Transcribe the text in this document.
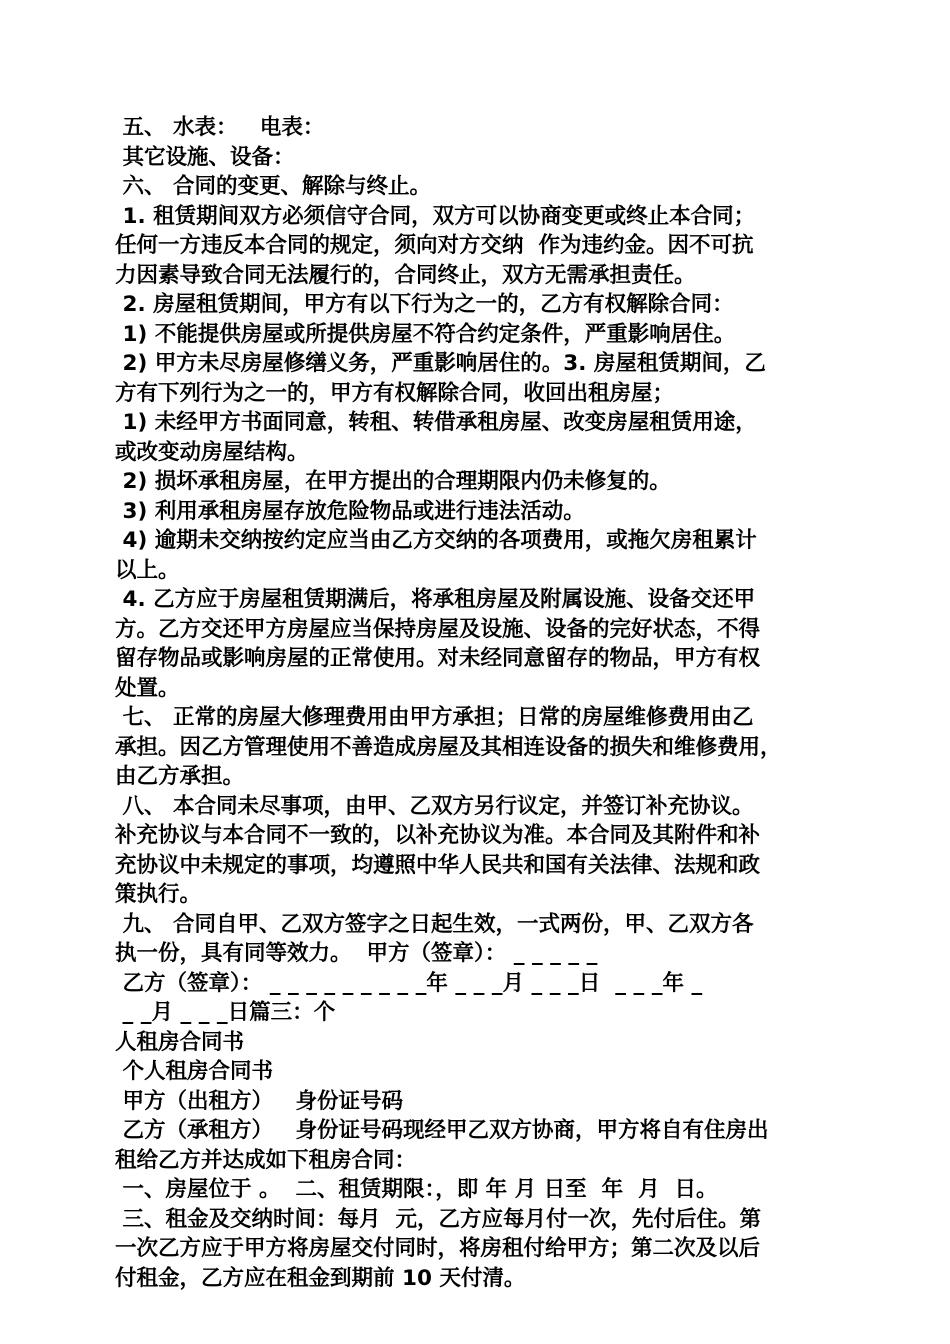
五、 水表：   电表：
其它设施、设备：
六、 合同的变更、解除与终止。
1. 租赁期间双方必须信守合同，双方可以协商变更或终止本合同；
任何一方违反本合同的规定，须向对方交纳  作为违约金。因不可抗
力因素导致合同无法履行的，合同终止，双方无需承担责任。
2. 房屋租赁期间，甲方有以下行为之一的，乙方有权解除合同：
1) 不能提供房屋或所提供房屋不符合约定条件，严重影响居住。
2) 甲方未尽房屋修缮义务，严重影响居住的。3. 房屋租赁期间，乙
方有下列行为之一的，甲方有权解除合同，收回出租房屋；
1) 未经甲方书面同意，转租、转借承租房屋、改变房屋租赁用途，
或改变动房屋结构。
2) 损坏承租房屋，在甲方提出的合理期限内仍未修复的。
3) 利用承租房屋存放危险物品或进行违法活动。
4) 逾期未交纳按约定应当由乙方交纳的各项费用，或拖欠房租累计
以上。
4. 乙方应于房屋租赁期满后，将承租房屋及附属设施、设备交还甲
方。乙方交还甲方房屋应当保持房屋及设施、设备的完好状态，不得
留存物品或影响房屋的正常使用。对未经同意留存的物品，甲方有权
处置。
七、 正常的房屋大修理费用由甲方承担；日常的房屋维修费用由乙
承担。因乙方管理使用不善造成房屋及其相连设备的损失和维修费用，
由乙方承担。
八、 本合同未尽事项，由甲、乙双方另行议定，并签订补充协议。
补充协议与本合同不一致的，以补充协议为准。本合同及其附件和补
充协议中未规定的事项，均遵照中华人民共和国有关法律、法规和政
策执行。
九、 合同自甲、乙双方签字之日起生效，一式两份，甲、乙双方各
执一份，具有同等效力。  甲方（签章）： _ _ _ _ _
乙方（签章）： _ _ _ _ _ _ _ _ _年 _ _ _月 _ _ _日  _ _ _年 _
_ _月 _ _ _日篇三：个
人租房合同书
个人租房合同书
甲方（出租方）   身份证号码
乙方（承租方）   身份证号码现经甲乙双方协商，甲方将自有住房出
租给乙方并达成如下租房合同：
一、房屋位于 。  二、租赁期限：，即 年 月 日至  年  月  日。
三、租金及交纳时间：每月  元，乙方应每月付一次，先付后住。第
一次乙方应于甲方将房屋交付同时，将房租付给甲方；第二次及以后
付租金，乙方应在租金到期前 10 天付清。
